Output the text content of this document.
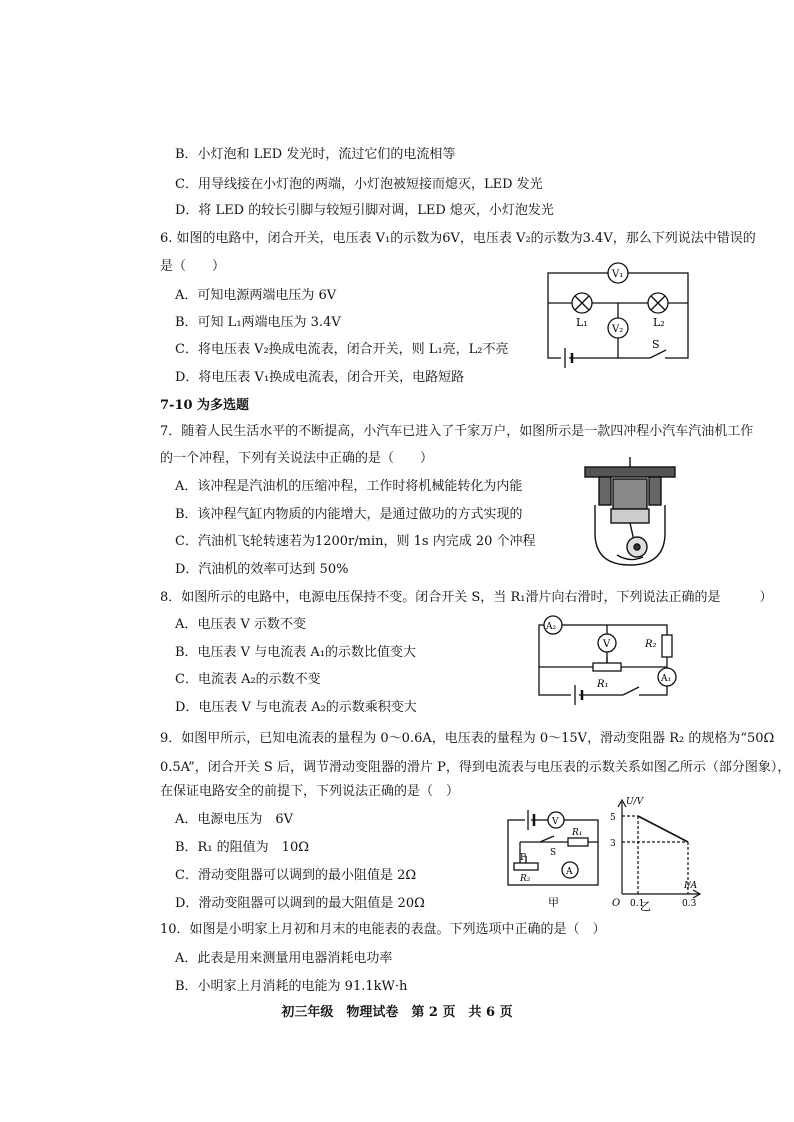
B．小灯泡和 LED 发光时，流过它们的电流相等
C．用导线接在小灯泡的两端，小灯泡被短接而熄灭，LED 发光
D．将 LED 的较长引脚与较短引脚对调，LED 熄灭，小灯泡发光
6. 如图的电路中，闭合开关，电压表 V₁的示数为6V，电压表 V₂的示数为3.4V，那么下列说法中错误的
是（　　）
A．可知电源两端电压为 6V
B．可知 L₁两端电压为 3.4V
C．将电压表 V₂换成电流表，闭合开关，则 L₁亮，L₂不亮
D．将电压表 V₁换成电流表，闭合开关，电路短路
V₁
V₂
L₁	L₂
S
7-10 为多选题
7．随着人民生活水平的不断提高，小汽车已进入了千家万户，如图所示是一款四冲程小汽车汽油机工作
的一个冲程，下列有关说法中正确的是（　　）
A．该冲程是汽油机的压缩冲程，工作时将机械能转化为内能
B．该冲程气缸内物质的内能增大，是通过做功的方式实现的
C．汽油机飞轮转速若为1200r/min，则 1s 内完成 20 个冲程
D．汽油机的效率可达到 50%
8．如图所示的电路中，电源电压保持不变。闭合开关 S，当 R₁滑片向右滑时，下列说法正确的是　　　）
A．电压表 V 示数不变
B．电压表 V 与电流表 A₁的示数比值变大
C．电流表 A₂的示数不变
D．电压表 V 与电流表 A₂的示数乘积变大
A₂
V	R₂
R₁	A₁
9．如图甲所示，已知电流表的量程为 0～0.6A，电压表的量程为 0～15V，滑动变阻器 R₂ 的规格为“50Ω
0.5A”，闭合开关 S 后，调节滑动变阻器的滑片 P，得到电流表与电压表的示数关系如图乙所示（部分图象），
在保证电路安全的前提下，下列说法正确的是（　）
A．电源电压为　6V
B．R₁ 的阻值为　10Ω
C．滑动变阻器可以调到的最小阻值是 2Ω
D．滑动变阻器可以调到的最大阻值是 20Ω
V
R₁
S
P
A
R₂
甲
U/V
5
3
O 0.1	0.3
I/A
乙
10．如图是小明家上月初和月末的电能表的表盘。下列选项中正确的是（　）
A．此表是用来测量用电器消耗电功率
B．小明家上月消耗的电能为 91.1kW·h
初三年级　物理试卷　第 2 页　共 6 页
